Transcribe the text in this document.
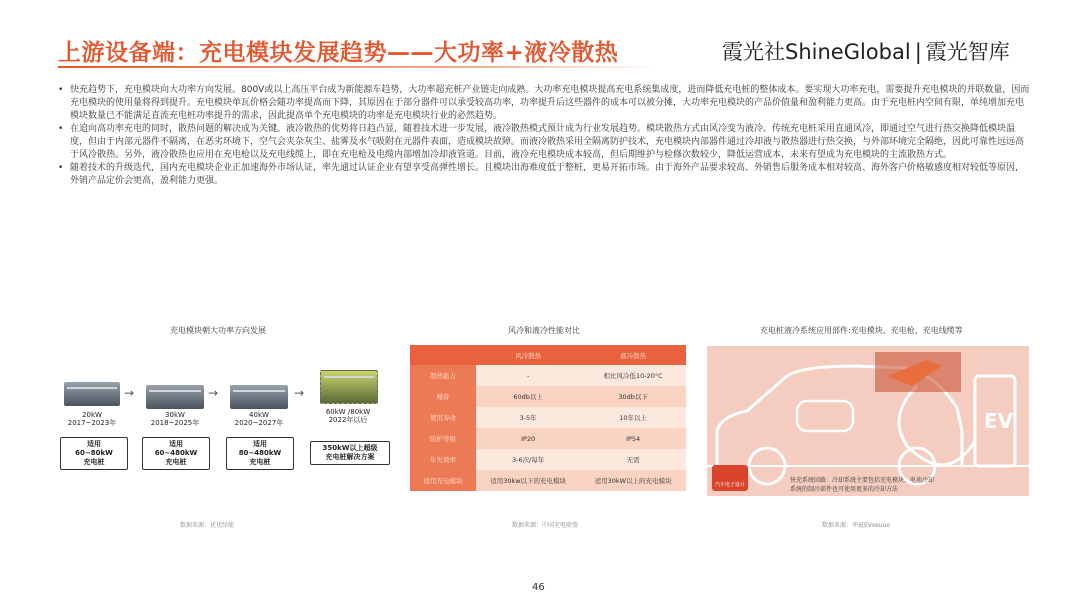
上游设备端：充电模块发展趋势——大功率+液冷散热	霞光社ShineGlobal | 霞光智库
• 快充趋势下，充电模块向大功率方向发展。800V或以上高压平台成为新能源车趋势，大功率超充桩产业链走向成熟。大功率充电模块提高充电系统集成度，进而降低充电桩的整体成本。要实现大功率充电，需要提升充电模块的并联数量，因而充电模块的使用量将得到提升。充电模块单瓦价格会随功率提高而下降，其原因在于部分器件可以承受较高功率，功率提升后这些器件的成本可以被分摊，大功率充电模块的产品价值量和盈利能力更高。由于充电桩内空间有限，单纯增加充电模块数量已不能满足直流充电桩功率提升的需求，因此提高单个充电模块的功率是充电模块行业的必然趋势。
• 在追向高功率充电的同时，散热问题的解决成为关键。液冷散热的优势将日趋凸显，随着技术进一步发展，液冷散热模式预计成为行业发展趋势。模块散热方式由风冷变为液冷。传统充电桩采用直通风冷，即通过空气进行热交换降低模块温度，但由于内部元器件不隔离，在恶劣环境下，空气会夹杂灰尘、盐雾及水气吸附在元器件表面，造成模块故障。而液冷散热采用全隔离防护技术，充电模块内部器件通过冷却液与散热器进行热交换，与外部环境完全隔绝，因此可靠性远远高于风冷散热。另外，液冷散热也应用在充电枪以及充电线缆上，即在充电枪及电缆内部增加冷却液管道。目前，液冷充电模块成本较高，但后期维护与检修次数较少，降低运营成本，未来有望成为充电模块的主流散热方式。
• 随着技术的升级迭代，国内充电模块企业正加速海外市场认证，率先通过认证企业有望享受高弹性增长。且模块出海难度低于整桩，更易开拓市场。由于海外产品要求较高、外销售后服务成本相对较高、海外客户价格敏感度相对较低等原因，外销产品定价会更高，盈利能力更强。
充电模块朝大功率方向发展
→	→	→
20kW
2017~2023年
30kW
2018~2025年
40kW
2020~2027年
60kW /80kW
2022年以后
适用
60~80kW
充电桩
适用
60~480kW
充电桩
适用
80~480kW
充电桩
350kW以上超级
充电桩解决方案
数据来源：优优绿能
风冷和液冷性能对比
	风冷散热	液冷散热
散热能力	-	相比风冷低10-20°C
噪音	60db以上	30db以下
使用寿命	3-5年	10年以上
防护等级	IP20	IP54
年失效率	3-6次/每年	无需
适用充电模块	适用30kw以下的充电模块	适用30kW以上的充电模块
数据来源：中国充电联盟
充电桩液冷系统应用部件:充电模块、充电枪、充电线缆等
EV
汽车电子设计
快充系统回路：冷却系统主要包括充电模块、电池冷却
系统的制冷部件也可使用更多的冷却方法
数据来源：华夏EVseuuo
46
